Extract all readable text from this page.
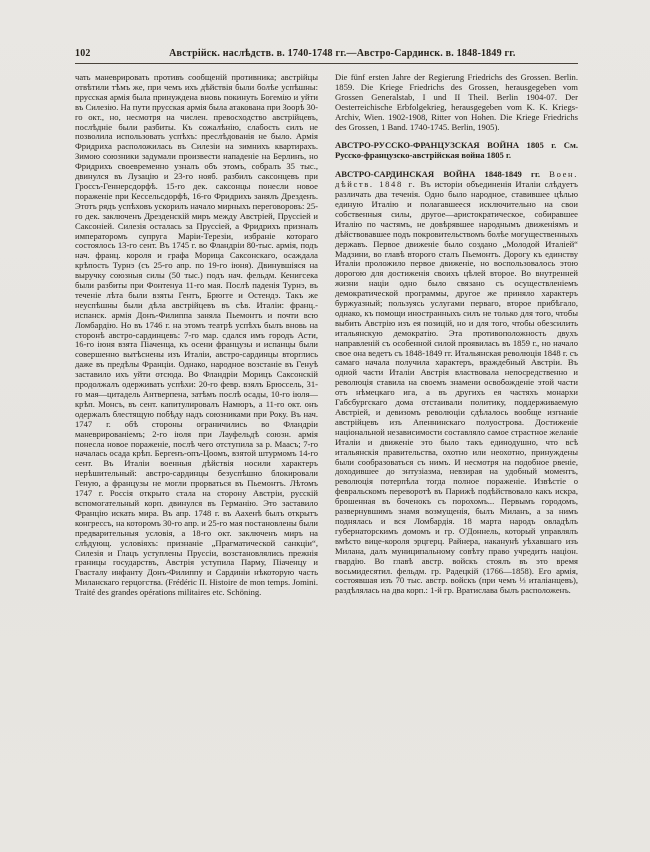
102	Австрійск. наслѣдств. в. 1740-1748 гг.—Австро-Сардинск. в. 1848-1849 гг.

чать маневрировать противъ сообщеній противника; австрійцы отвѣтили тѣмъ же, при чемъ ихъ дѣйствія были болѣе успѣшны: прусская армія была принуждена вновь покинуть Богемію и уйти въ Силезію. На пути прусская армія была атакована при Зоорѣ 30-го окт., но, несмотря на числен. превосходство австрійцевъ, послѣдніе были разбиты. Къ сожалѣнію, слабость силъ не позволила использовать успѣхъ: преслѣдованія не было. Армія Фридриха расположилась въ Силезіи на зимнихъ квартирахъ. Зимою союзники задумали произвести нападеніе на Берлинъ, но Фридрихъ своевременно узналъ объ этомъ, собралъ 35 тыс., двинулся въ Лузацію и 23-го нояб. разбилъ саксонцевъ при Гроссъ-Геннерсдорфѣ. 15-го дек. саксонцы понесли новое пораженіе при Кессельсдорфѣ, 16-го Фридрихъ занялъ Дрезденъ. Этотъ рядъ успѣховъ ускорилъ начало мирныхъ переговоровъ: 25-го дек. заключенъ Дрезденскій миръ между Австріей, Пруссіей и Саксоніей. Силезія осталась за Пруссіей, а Фридрихъ призналъ императоромъ супруга Маріи-Терезіи, избраніе котораго состоялось 13-го сент. Въ 1745 г. во Фландріи 80-тыс. армія, подъ нач. франц. короля и графа Морица Саксонскаго, осаждала крѣпость Турнэ (съ 25-го апр. по 19-го іюня). Двинувшіяся на выручку союзныя силы (50 тыс.) подъ нач. фельдм. Кенигсека были разбиты при Фонтенуа 11-го мая. Послѣ паденія Турнэ, въ теченіе лѣта были взяты Гентъ, Брюгге и Остендэ. Такъ же неуспѣшны были дѣла австрійцевъ въ сѣв. Италіи: франц.-испанск. армія Донъ-Филиппа заняла Пьемонтъ и почти всю Ломбардію. Но въ 1746 г. на этомъ театрѣ успѣхъ былъ вновь на сторонѣ австро-сардинцевъ: 7-го мар. сдался имъ городъ Асти, 16-го іюня взята Піаченца, къ осени французы и испанцы были совершенно вытѣснены изъ Италіи, австро-сардинцы вторглись даже въ предѣлы Франціи. Однако, народное возстаніе въ Генуѣ заставило ихъ уйти отсюда. Во Фландріи Морицъ Саксонскій продолжалъ одерживать успѣхи: 20-го февр. взялъ Брюссель, 31-го мая—цитадель Антверпена, затѣмъ послѣ осады, 10-го іюля—крѣп. Монсъ, въ сент. капитулировалъ Намюръ, а 11-го окт. онъ одержалъ блестящую побѣду надъ союзниками при Року. Въ нач. 1747 г. обѣ стороны ограничились во Фландріи маневрированіемъ; 2-го іюля при Лауфельдѣ союзн. армія понесла новое пораженіе, послѣ чего отступила за р. Маасъ; 7-го началась осада крѣп. Бергенъ-опъ-Цоомъ, взятой штурмомъ 14-го сент. Въ Италіи военныя дѣйствія носили характеръ нерѣшительный: австро-сардинцы безуспѣшно блокировали Геную, а французы не могли прорваться въ Пьемонтъ. Лѣтомъ 1747 г. Россія открыто стала на сторону Австріи, русскій вспомогательный корп. двинулся въ Германію. Это заставило Францію искать мира. Въ апр. 1748 г. въ Аахенѣ былъ открытъ конгрессъ, на которомъ 30-го апр. и 25-го мая постановлены были предварительныя условія, а 18-го окт. заключенъ миръ на слѣдующ. условіяхъ: признаніе „Прагматической санкціи“, Силезія и Глацъ уступлены Пруссіи, возстановлялись прежнія границы государствъ, Австрія уступила Парму, Піаченцу и Гвасталу инфанту Донъ-Филиппу и Сардиніи нѣкоторую часть Миланскаго герцогства. (Frédéric II. Histoire de mon temps. Jomini. Traité des grandes opérations militaires etc. Schöning.

Die fünf ersten Jahre der Regierung Friedrichs des Grossen. Berlin. 1859. Die Kriege Friedrichs des Grossen, herausgegeben vom Grossen Generalstab, I und II Theil. Berlin 1904-07. Der Oesterreichische Erbfolgekrieg, herausgegeben vom K. K. Kriegs-Archiv, Wien. 1902-1908, Ritter von Hohen. Die Kriege Friedrichs des Grossen, 1 Band. 1740-1745. Berlin, 1905).

АВСТРО-РУССКО-ФРАНЦУЗСКАЯ ВОЙНА 1805 г. См. Русско-французско-австрійская война 1805 г.

АВСТРО-САРДИНСКАЯ ВОЙНА 1848-1849 гг. Воен. дѣйств. 1848 г. Въ исторіи объединенія Италіи слѣдуетъ различать два теченія. Одно было народное, ставившее цѣлью единую Италію и полагавшееся исключительно на свои собственныя силы, другое—аристократическое, собиравшее Италію по частямъ, не довѣрявшее народнымъ движеніямъ и дѣйствовавшее подъ покровительствомъ болѣе могущественныхъ державъ. Первое движеніе было создано „Молодой Италіей“ Мадзини, во главѣ второго сталъ Пьемонтъ. Дорогу къ единству Италіи проложило первое движеніе, но воспользовалось этою дорогою для достиженія своихъ цѣлей второе. Во внутренней жизни націи одно было связано съ осуществленіемъ демократической программы, другое же приняло характеръ буржуазный; пользуясь услугами перваго, второе прибѣгало, однако, къ помощи иностранныхъ силъ не только для того, чтобы выбить Австрію изъ ея позицій, но и для того, чтобы обезсилить итальянскую демократію. Эта противоположность двухъ направленій съ особенной силой проявилась въ 1859 г., но начало свое она ведетъ съ 1848-1849 гг. Итальянская революція 1848 г. съ самаго начала получила характеръ, враждебный Австріи. Въ одной части Италіи Австрія властвовала непосредственно и революція ставила на своемъ знамени освобожденіе этой части отъ нѣмецкаго ига, а въ другихъ ея частяхъ монархи Габсбургскаго дома отстаивали политику, поддерживаемую Австріей, и девизомъ революціи сдѣлалось вообще изгнаніе австрійцевъ изъ Апеннинскаго полуострова. Достиженіе національной независимости составляло самое страстное желаніе Италіи и движеніе это было такъ единодушно, что всѣ итальянскія правительства, охотно или неохотно, принуждены были сообразоваться съ нимъ. И несмотря на подобное рвеніе, доходившее до энтузіазма, невзирая на удобный моментъ, революція потерпѣла тогда полное пораженіе. Извѣстіе о февральскомъ переворотѣ въ Парижѣ подѣйствовало какъ искра, брошенная въ боченокъ съ порохомъ... Первымъ городомъ, развернувшимъ знамя возмущенія, былъ Миланъ, а за нимъ поднялась и вся Ломбардія. 18 марта народъ овладѣлъ губернаторскимъ домомъ и гр. О'Доннель, который управлялъ вмѣсто вице-короля эрцгерц. Райнера, наканунѣ уѣхавшаго изъ Милана, далъ муниципальному совѣту право учредить націон. гвардію. Во главѣ австр. войскъ стоялъ въ это время восьмидесятил. фельдм. гр. Радецкій (1766—1858). Его армія, состоявшая изъ 70 тыс. австр. войскъ (при чемъ ⅓ италіанцевъ), раздѣлялась на два корп.: 1-й гр. Вратислава былъ расположенъ.
